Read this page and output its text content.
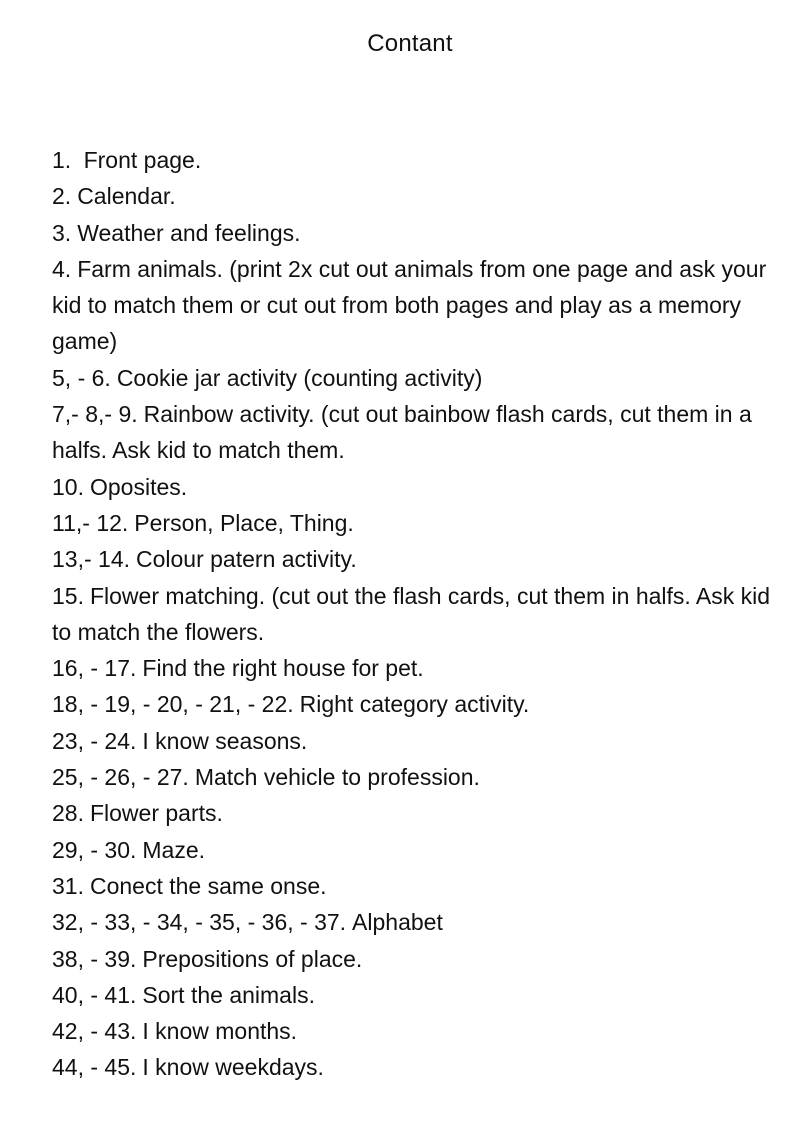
Contant
1. Front page.
2. Calendar.
3. Weather and feelings.
4. Farm animals. (print 2x cut out animals from one page and ask your kid to match them or cut out from both pages and play as a memory game)
5, - 6. Cookie jar activity (counting activity)
7,- 8,- 9. Rainbow activity. (cut out bainbow flash cards, cut them in a halfs. Ask kid to match them.
10. Oposites.
11,- 12. Person, Place, Thing.
13,- 14. Colour patern activity.
15. Flower matching. (cut out the flash cards, cut them in halfs. Ask kid to match the flowers.
16, - 17. Find the right house for pet.
18, - 19, - 20, - 21, - 22. Right category activity.
23, - 24. I know seasons.
25, - 26, - 27. Match vehicle to profession.
28. Flower parts.
29, - 30. Maze.
31. Conect the same onse.
32, - 33, - 34, - 35, - 36, - 37. Alphabet
38, - 39. Prepositions of place.
40, - 41. Sort the animals.
42, - 43. I know months.
44, - 45. I know weekdays.
